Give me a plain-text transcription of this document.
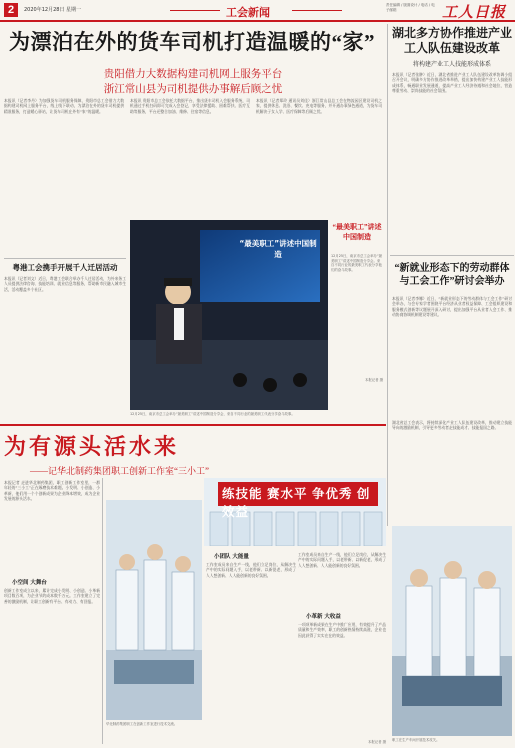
2	2020年12月28日 星期一	工会新闻
责任编辑 / 版面设计 / 电话 / 电子邮箱	工人日报
为漂泊在外的货车司机打造温暖的“家”
贵阳借力大数据构建司机网上服务平台
浙江常山县为司机提供办事解后顾之忧
本报讯（记者李丹）为加强货车司机服务保障，贵阳市总工会借力大数据构建司机网上服务平台，线上线下联动，为漂泊在外的货车司机提供精准服务，打造暖心驿站，让货车司机在外有“家”的温暖。
本报讯 贵阳市总工会依托大数据平台，推出货车司机入会服务系统，司机通过手机扫码即可完成入会登记，享受法律援助、困难帮扶、医疗互助等服务，平台还整合加油、维修、住宿等信息。
本报讯（记者郑玲 通讯员刘佳）浙江常山县总工会在物流园区建设司机之家，提供休息、洗浴、餐饮、充电等服务，并开通办事绿色通道，为货车司机解决子女入学、医疗保障等后顾之忧。
湖北多方协作推进产业工人队伍建设改革
将构建产业工人技能形成体系
本报讯（记者张翀）近日，湖北省推进产业工人队伍建设改革协调小组召开会议，明确多方协作推进改革举措，提出加快构建产业工人技能形成体系，畅通职业发展通道，提高产业工人经济待遇和社会地位，营造尊重劳动、崇尚技能的社会氛围。
粤港工会携手开展千人迁居活动
本报讯（记者刘文）近日，粤港工会联合举办千人迁居活动，为外来务工人员提供法律咨询、技能培训、就业信息等服务，帮助新市民融入城市生活，活动覆盖多个社区。
“最美职工”讲述中国制造
12月25日，南京市总工会举办“最美职工”讲述中国制造分享会，来自不同行业的最美职工代表分享奋斗故事。
“最美职工”讲述中国制造
12月25日，南京市总工会举办“最美职工”讲述中国制造分享会。来自不同行业的最美职工代表分享他们的奋斗故事。
本报记者 摄
“新就业形态下的劳动群体与工会工作”研讨会举办
本报讯（记者李娜）近日，“新就业形态下的劳动群体与工会工作”研讨会举办，与会专家学者围绕平台经济从业者权益保障、工会组织建设和服务模式创新等议题展开深入研讨，提出加强平台从业者入会工作、推动协商协调机制建设等建议。
湖北省总工会表示，将持续深化产业工人队伍建设改革，推动建立技能导向的激励机制，引导更多劳动者走技能成才、技能报国之路。
为有源头活水来
——记华北制药集团职工创新工作室“三小工”
练技能 赛水平 争优秀 创效益
本报记者 走进华北制药集团，职工创新工作室里，一群年轻的“三小工”正在琢磨技术难题。小发明、小创造、小革新，他们用一个个创新成果为企业降本增效，成为企业发展的源头活水。
小空间 大舞台
创新工作室成立以来，累计完成小发明、小创造、小革新项目数百项，为企业节约成本数千万元。工作室建立了完善的激励机制，让职工创新有平台、有动力、有回报。
华北制药集团职工在创新工作室进行技术交流。
小团队 大能量
工作室成员来自生产一线，他们立足岗位，从解决生产中的实际问题入手，以老带新、以新促老，形成了人人想创新、人人能创新的良好氛围。
小革新 大收益
工作室成员来自生产一线，他们立足岗位，从解决生产中的实际问题入手，以老带新、以新促老，形成了人人想创新、人人能创新的良好氛围。
一项项革新成果在生产中推广应用，有效提升了产品质量和生产效率，职工的创新热情持续高涨，企业也因此获得了实实在在的效益。
职工在生产车间开展技术攻关。
本报记者 摄
